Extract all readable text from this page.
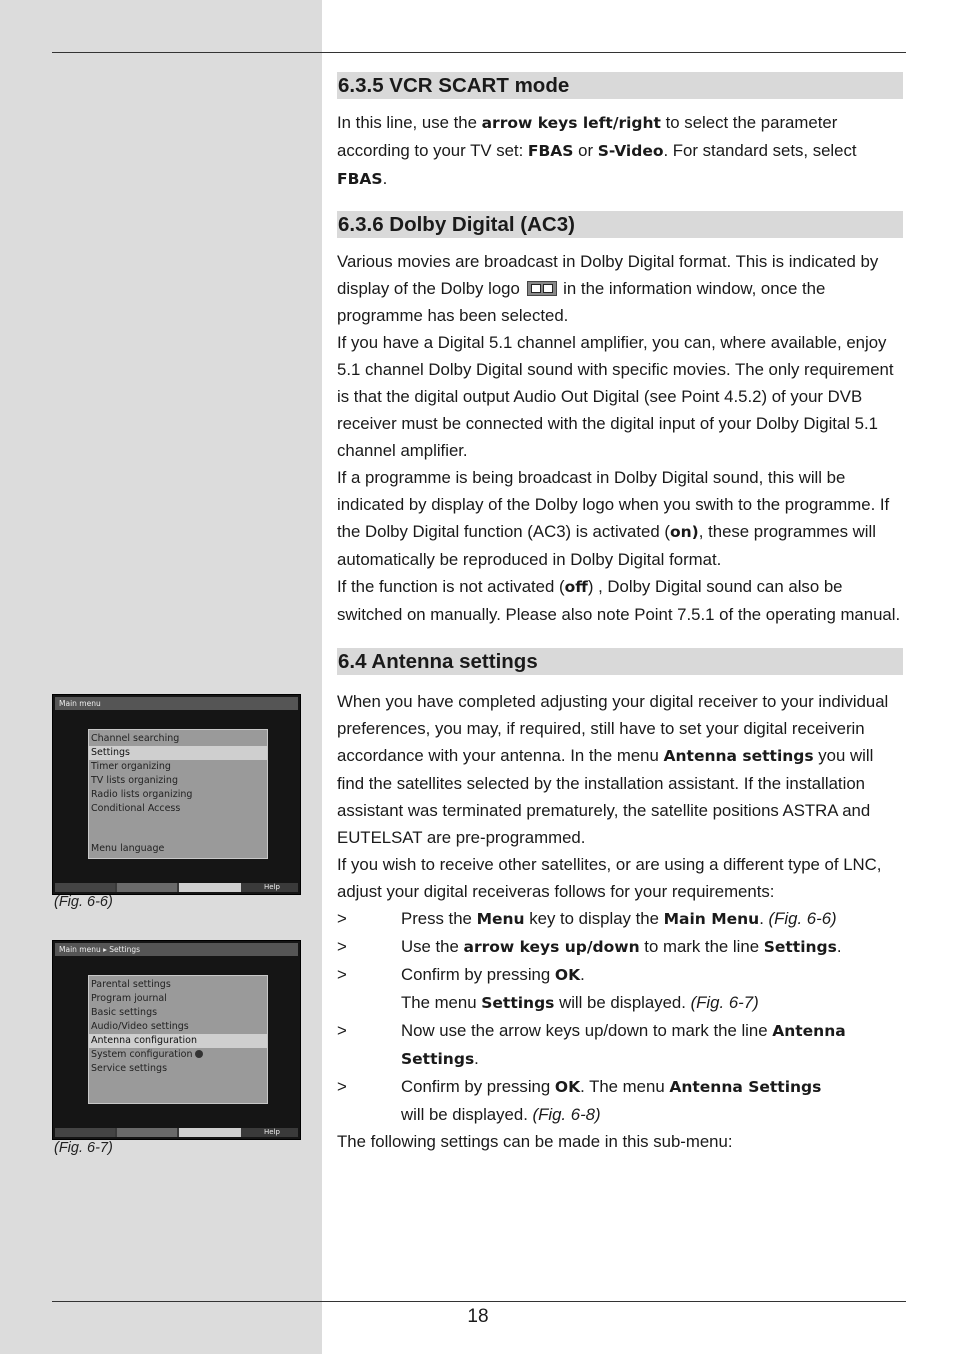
6.3.5 VCR SCART mode

In this line, use the arrow keys left/right to select the parameter according to your TV set: FBAS or S-Video. For standard sets, select FBAS.

6.3.6 Dolby Digital (AC3)

Various movies are broadcast in Dolby Digital format. This is indicated by display of the Dolby logo  in the information window, once the programme has been selected.

If you have a Digital 5.1 channel amplifier, you can, where available, enjoy 5.1 channel Dolby Digital sound with specific movies. The only requirement is that the digital output Audio Out Digital (see Point 4.5.2) of your DVB receiver must be connected with the digital input of your Dolby Digital 5.1 channel amplifier.

If a programme is being broadcast in Dolby Digital sound, this will be indicated by display of the Dolby logo when you swith to the programme. If the Dolby Digital function (AC3) is activated (on), these programmes will automatically be reproduced in Dolby Digital format.

If the function is not activated (off) , Dolby Digital sound can also be switched on manually. Please also note Point 7.5.1 of the operating manual.

6.4 Antenna settings

When you have completed adjusting your digital receiver to your individual preferences, you may, if required, still have to set your digital receiverin accordance with your antenna. In the menu Antenna settings you will find the satellites selected by the installation assistant. If the installation assistant was terminated prematurely, the satellite positions ASTRA and EUTELSAT are pre-programmed.

If you wish to receive other satellites, or are using a different type of LNC, adjust your digital receiveras follows for your requirements:

>	Press the Menu key to display the Main Menu. (Fig. 6-6)
>	Use the arrow keys up/down to mark the line Settings.
>	Confirm by pressing OK.
The menu Settings will be displayed. (Fig. 6-7)
>	Now use the arrow keys up/down to mark the line Antenna Settings.
>	Confirm by pressing OK. The menu Antenna Settings
will be displayed. (Fig. 6-8)

The following settings can be made in this sub-menu:

Main menu
Channel searching
Settings
Timer organizing
TV lists organizing
Radio lists organizing
Conditional Access
Menu language
Help
(Fig. 6-6)
Main menu ▸ Settings
Parental settings
Program journal
Basic settings
Audio/Video settings
Antenna configuration
System configuration
Service settings
Help
(Fig. 6-7)
18
